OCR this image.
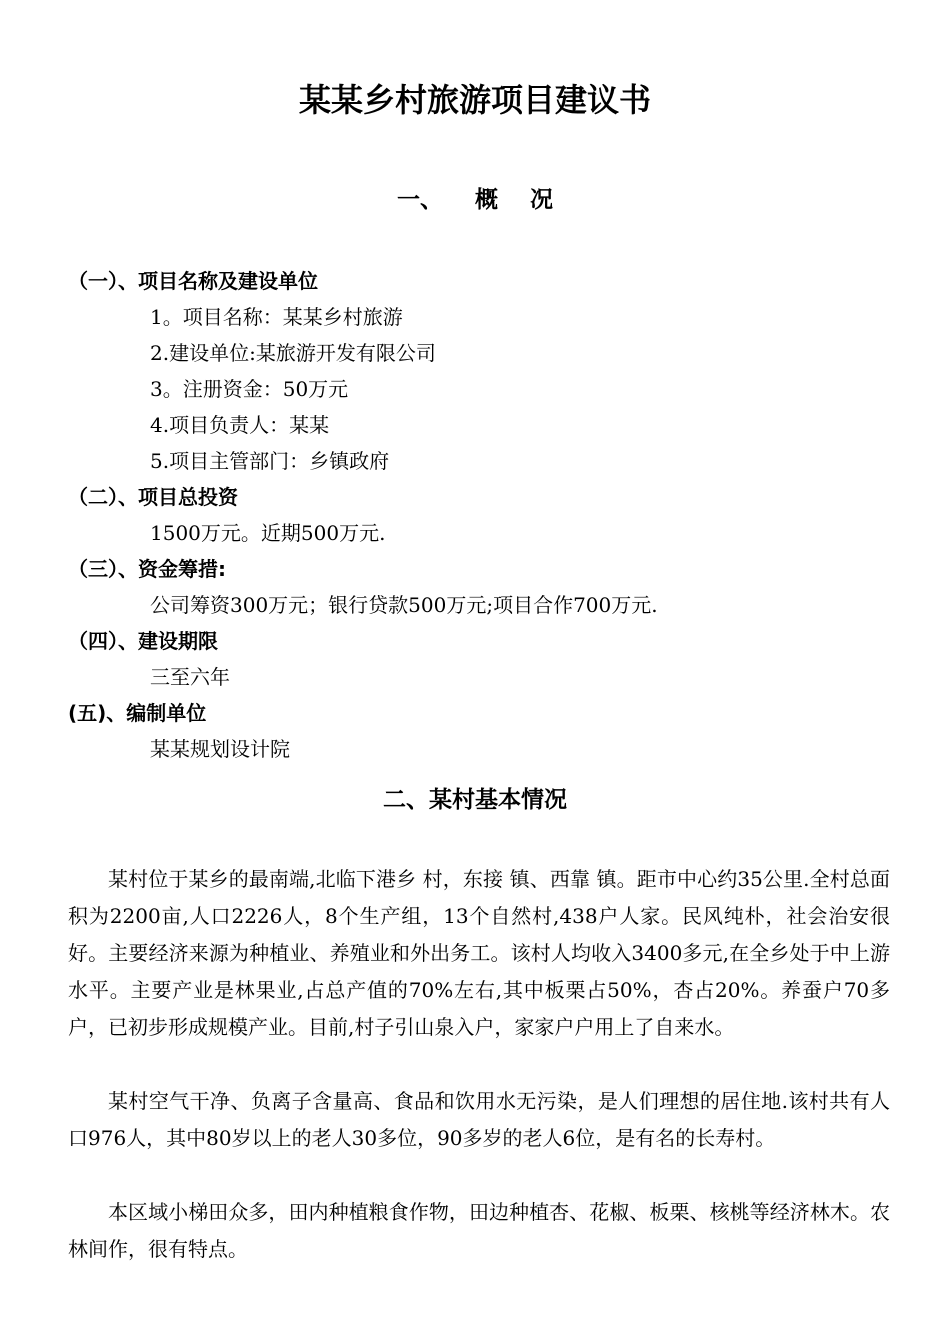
某某乡村旅游项目建议书
一、    概    况
（一）、项目名称及建设单位
1。项目名称：某某乡村旅游
2.建设单位:某旅游开发有限公司
3。注册资金：50万元
4.项目负责人：某某
5.项目主管部门：乡镇政府
（二）、项目总投资
1500万元。近期500万元.
（三）、资金筹措:
公司筹资300万元；银行贷款500万元;项目合作700万元.
（四）、建设期限
三至六年
(五)、编制单位
某某规划设计院
二、某村基本情况
某村位于某乡的最南端,北临下港乡 村，东接 镇、西靠 镇。距市中心约35公里.全村总面积为2200亩,人口2226人，8个生产组，13个自然村,438户人家。民风纯朴，社会治安很好。主要经济来源为种植业、养殖业和外出务工。该村人均收入3400多元,在全乡处于中上游水平。主要产业是林果业,占总产值的70%左右,其中板栗占50%，杏占20%。养蚕户70多户，已初步形成规模产业。目前,村子引山泉入户，家家户户用上了自来水。
某村空气干净、负离子含量高、食品和饮用水无污染，是人们理想的居住地.该村共有人口976人，其中80岁以上的老人30多位，90多岁的老人6位，是有名的长寿村。
本区域小梯田众多，田内种植粮食作物，田边种植杏、花椒、板栗、核桃等经济林木。农林间作，很有特点。
